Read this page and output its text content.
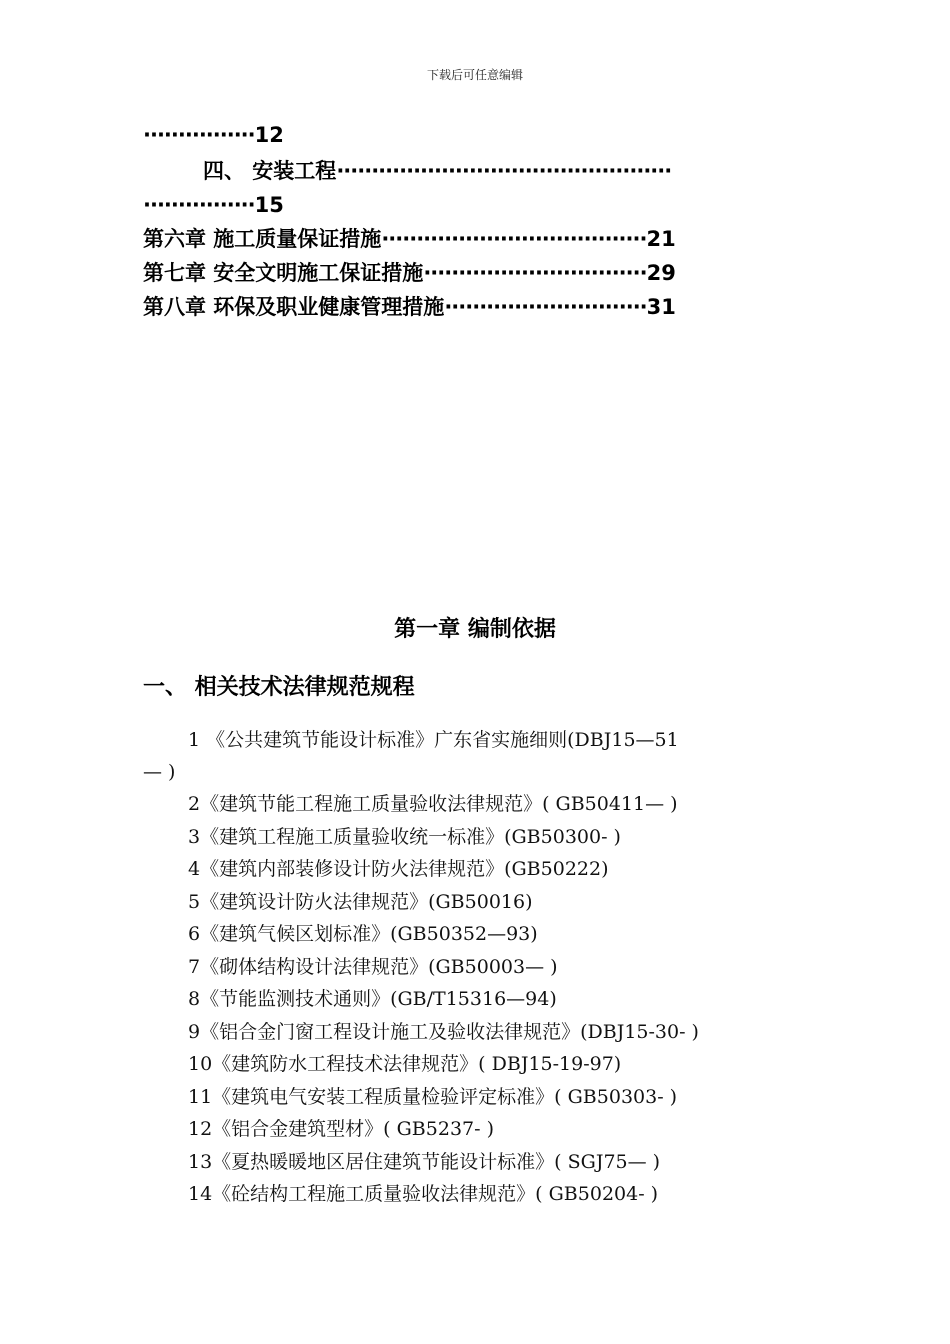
下载后可任意编辑
················12
四、 安装工程················································
················15
第六章 施工质量保证措施······································21
第七章 安全文明施工保证措施································29
第八章 环保及职业健康管理措施·····························31
第一章 编制依据
一、 相关技术法律规范规程
1 《公共建筑节能设计标准》广东省实施细则(DBJ15—51
— )
2《建筑节能工程施工质量验收法律规范》( GB50411— )
3《建筑工程施工质量验收统一标准》(GB50300- )
4《建筑内部装修设计防火法律规范》(GB50222)
5《建筑设计防火法律规范》(GB50016)
6《建筑气候区划标准》(GB50352—93)
7《砌体结构设计法律规范》(GB50003— )
8《节能监测技术通则》(GB/T15316—94)
9《铝合金门窗工程设计施工及验收法律规范》(DBJ15-30- )
10《建筑防水工程技术法律规范》( DBJ15-19-97)
11《建筑电气安装工程质量检验评定标准》( GB50303- )
12《铝合金建筑型材》( GB5237- )
13《夏热暖暖地区居住建筑节能设计标准》( SGJ75— )
14《砼结构工程施工质量验收法律规范》( GB50204- )
